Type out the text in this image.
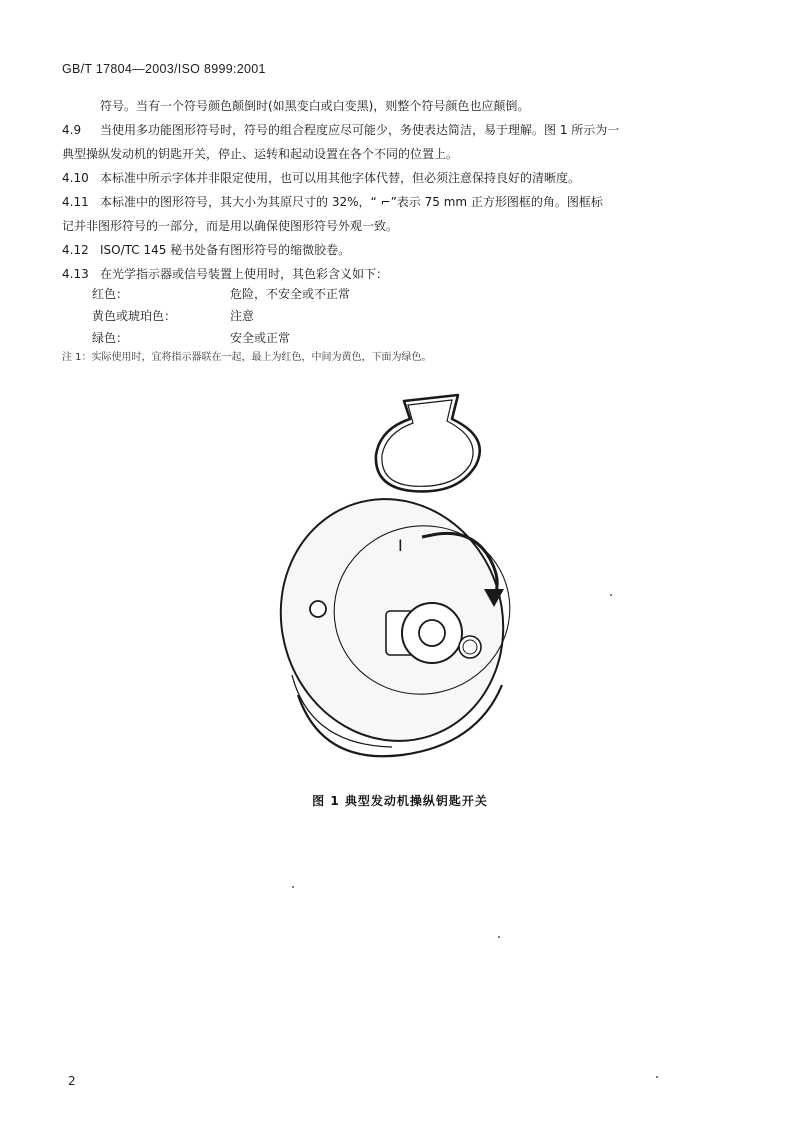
GB/T 17804—2003/ISO 8999:2001
符号。当有一个符号颜色颠倒时(如黑变白或白变黑)，则整个符号颜色也应颠倒。
4.9 当使用多功能图形符号时，符号的组合程度应尽可能少，务使表达简洁，易于理解。图 1 所示为一
典型操纵发动机的钥匙开关，停止、运转和起动设置在各个不同的位置上。
4.10 本标准中所示字体并非限定使用，也可以用其他字体代替，但必须注意保持良好的清晰度。
4.11 本标准中的图形符号，其大小为其原尺寸的 32%，“ ⌐”表示 75 mm 正方形图框的角。图框标
记并非图形符号的一部分，而是用以确保使图形符号外观一致。
4.12 ISO/TC 145 秘书处备有图形符号的缩微胶卷。
4.13 在光学指示器或信号装置上使用时，其色彩含义如下：
红色：	危险，不安全或不正常
黄色或琥珀色：	注意
绿色：	安全或正常
注 1：实际使用时，宜将指示器联在一起，最上为红色，中间为黄色，下面为绿色。
I
图 1 典型发动机操纵钥匙开关
2
